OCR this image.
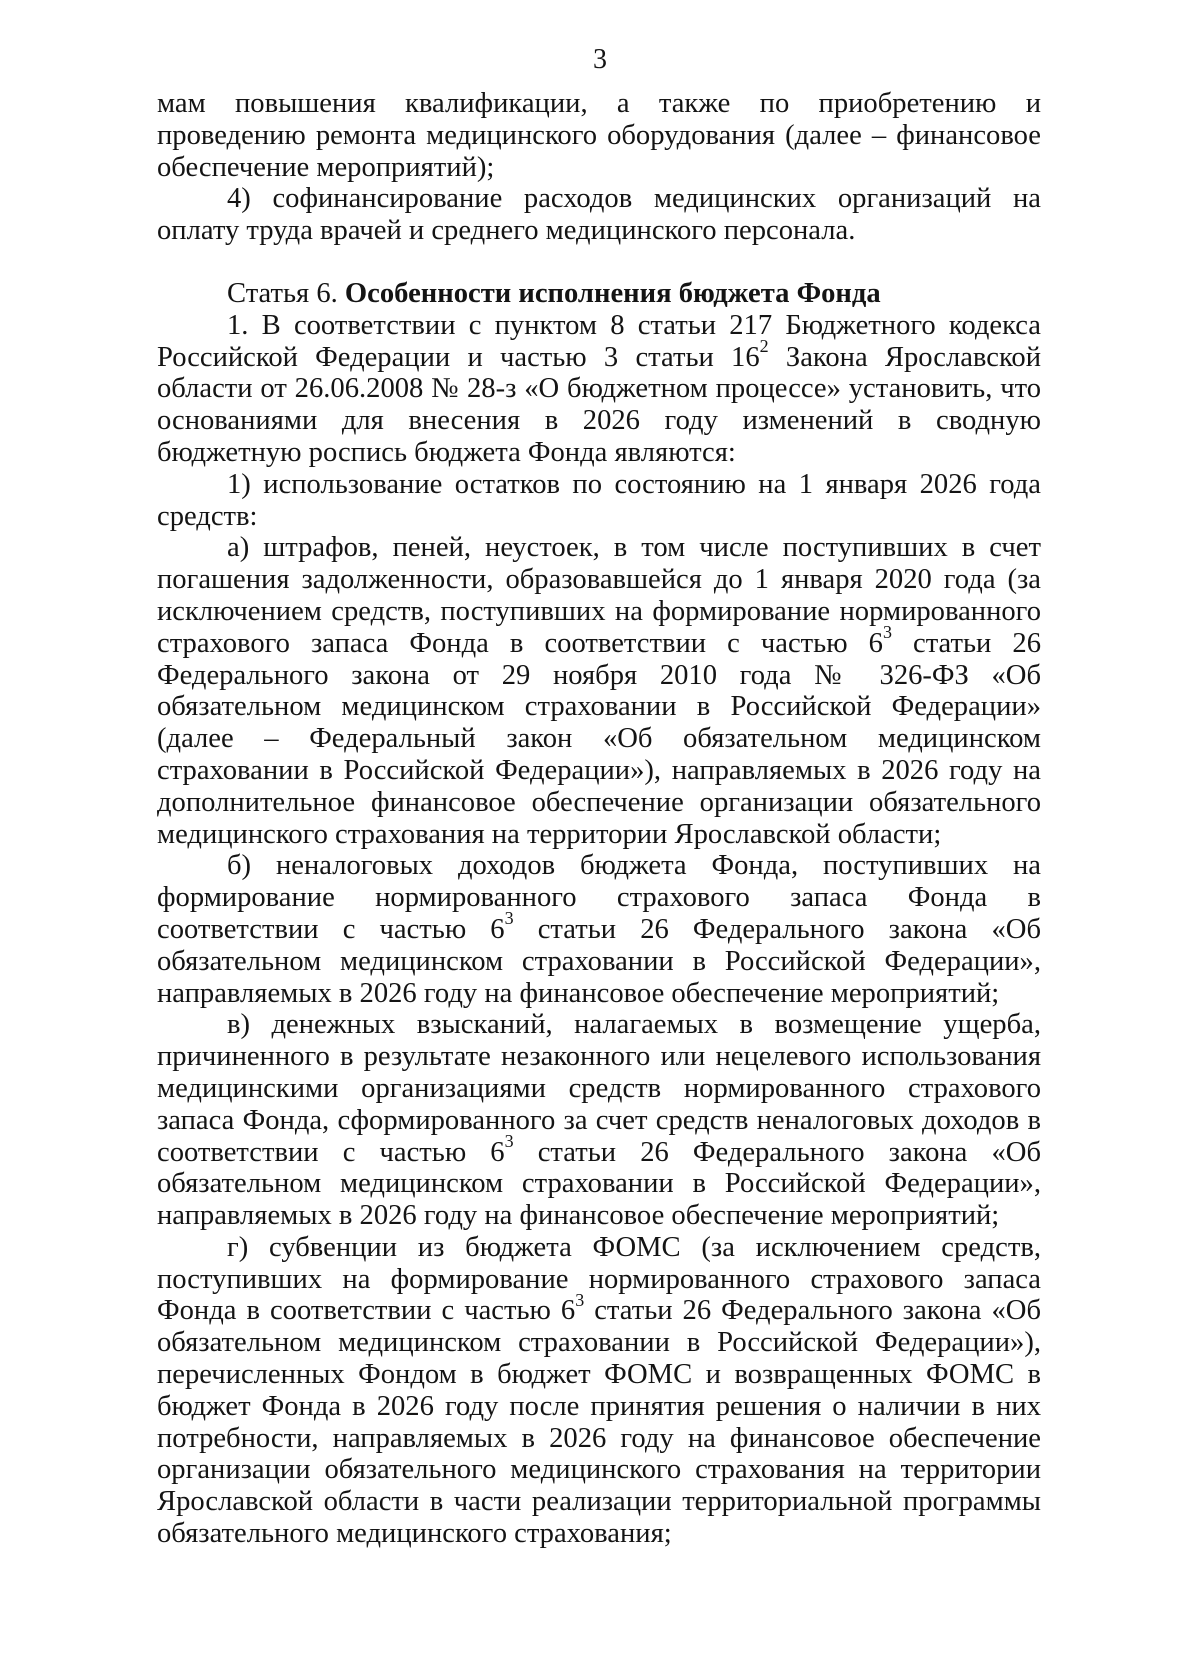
3

мам повышения квалификации, а также по приобретению и проведению ремонта медицинского оборудования (далее – финансовое обеспечение мероприятий);

4) софинансирование расходов медицинских организаций на оплату труда врачей и среднего медицинского персонала.

Статья 6. Особенности исполнения бюджета Фонда

1. В соответствии с пунктом 8 статьи 217 Бюджетного кодекса Российской Федерации и частью 3 статьи $16^2$ Закона Ярославской области от 26.06.2008 № 28-з «О бюджетном процессе» установить, что основаниями для внесения в 2026 году изменений в сводную бюджетную роспись бюджета Фонда являются:

1) использование остатков по состоянию на 1 января 2026 года средств:

а) штрафов, пеней, неустоек, в том числе поступивших в счет погашения задолженности, образовавшейся до 1 января 2020 года (за исключением средств, поступивших на формирование нормированного страхового запаса Фонда в соответствии с частью $6^3$ статьи 26 Федерального закона от 29 ноября 2010 года № 326-ФЗ «Об обязательном медицинском страховании в Российской Федерации» (далее – Федеральный закон «Об обязательном медицинском страховании в Российской Федерации»), направляемых в 2026 году на дополнительное финансовое обеспечение организации обязательного медицинского страхования на территории Ярославской области;

б) неналоговых доходов бюджета Фонда, поступивших на формирование нормированного страхового запаса Фонда в соответствии с частью $6^3$ статьи 26 Федерального закона «Об обязательном медицинском страховании в Российской Федерации», направляемых в 2026 году на финансовое обеспечение мероприятий;

в) денежных взысканий, налагаемых в возмещение ущерба, причиненного в результате незаконного или нецелевого использования медицинскими организациями средств нормированного страхового запаса Фонда, сформированного за счет средств неналоговых доходов в соответствии с частью $6^3$ статьи 26 Федерального закона «Об обязательном медицинском страховании в Российской Федерации», направляемых в 2026 году на финансовое обеспечение мероприятий;

г) субвенции из бюджета ФОМС (за исключением средств, поступивших на формирование нормированного страхового запаса Фонда в соответствии с частью $6^3$ статьи 26 Федерального закона «Об обязательном медицинском страховании в Российской Федерации»), перечисленных Фондом в бюджет ФОМС и возвращенных ФОМС в бюджет Фонда в 2026 году после принятия решения о наличии в них потребности, направляемых в 2026 году на финансовое обеспечение организации обязательного медицинского страхования на территории Ярославской области в части реализации территориальной программы обязательного медицинского страхования;
